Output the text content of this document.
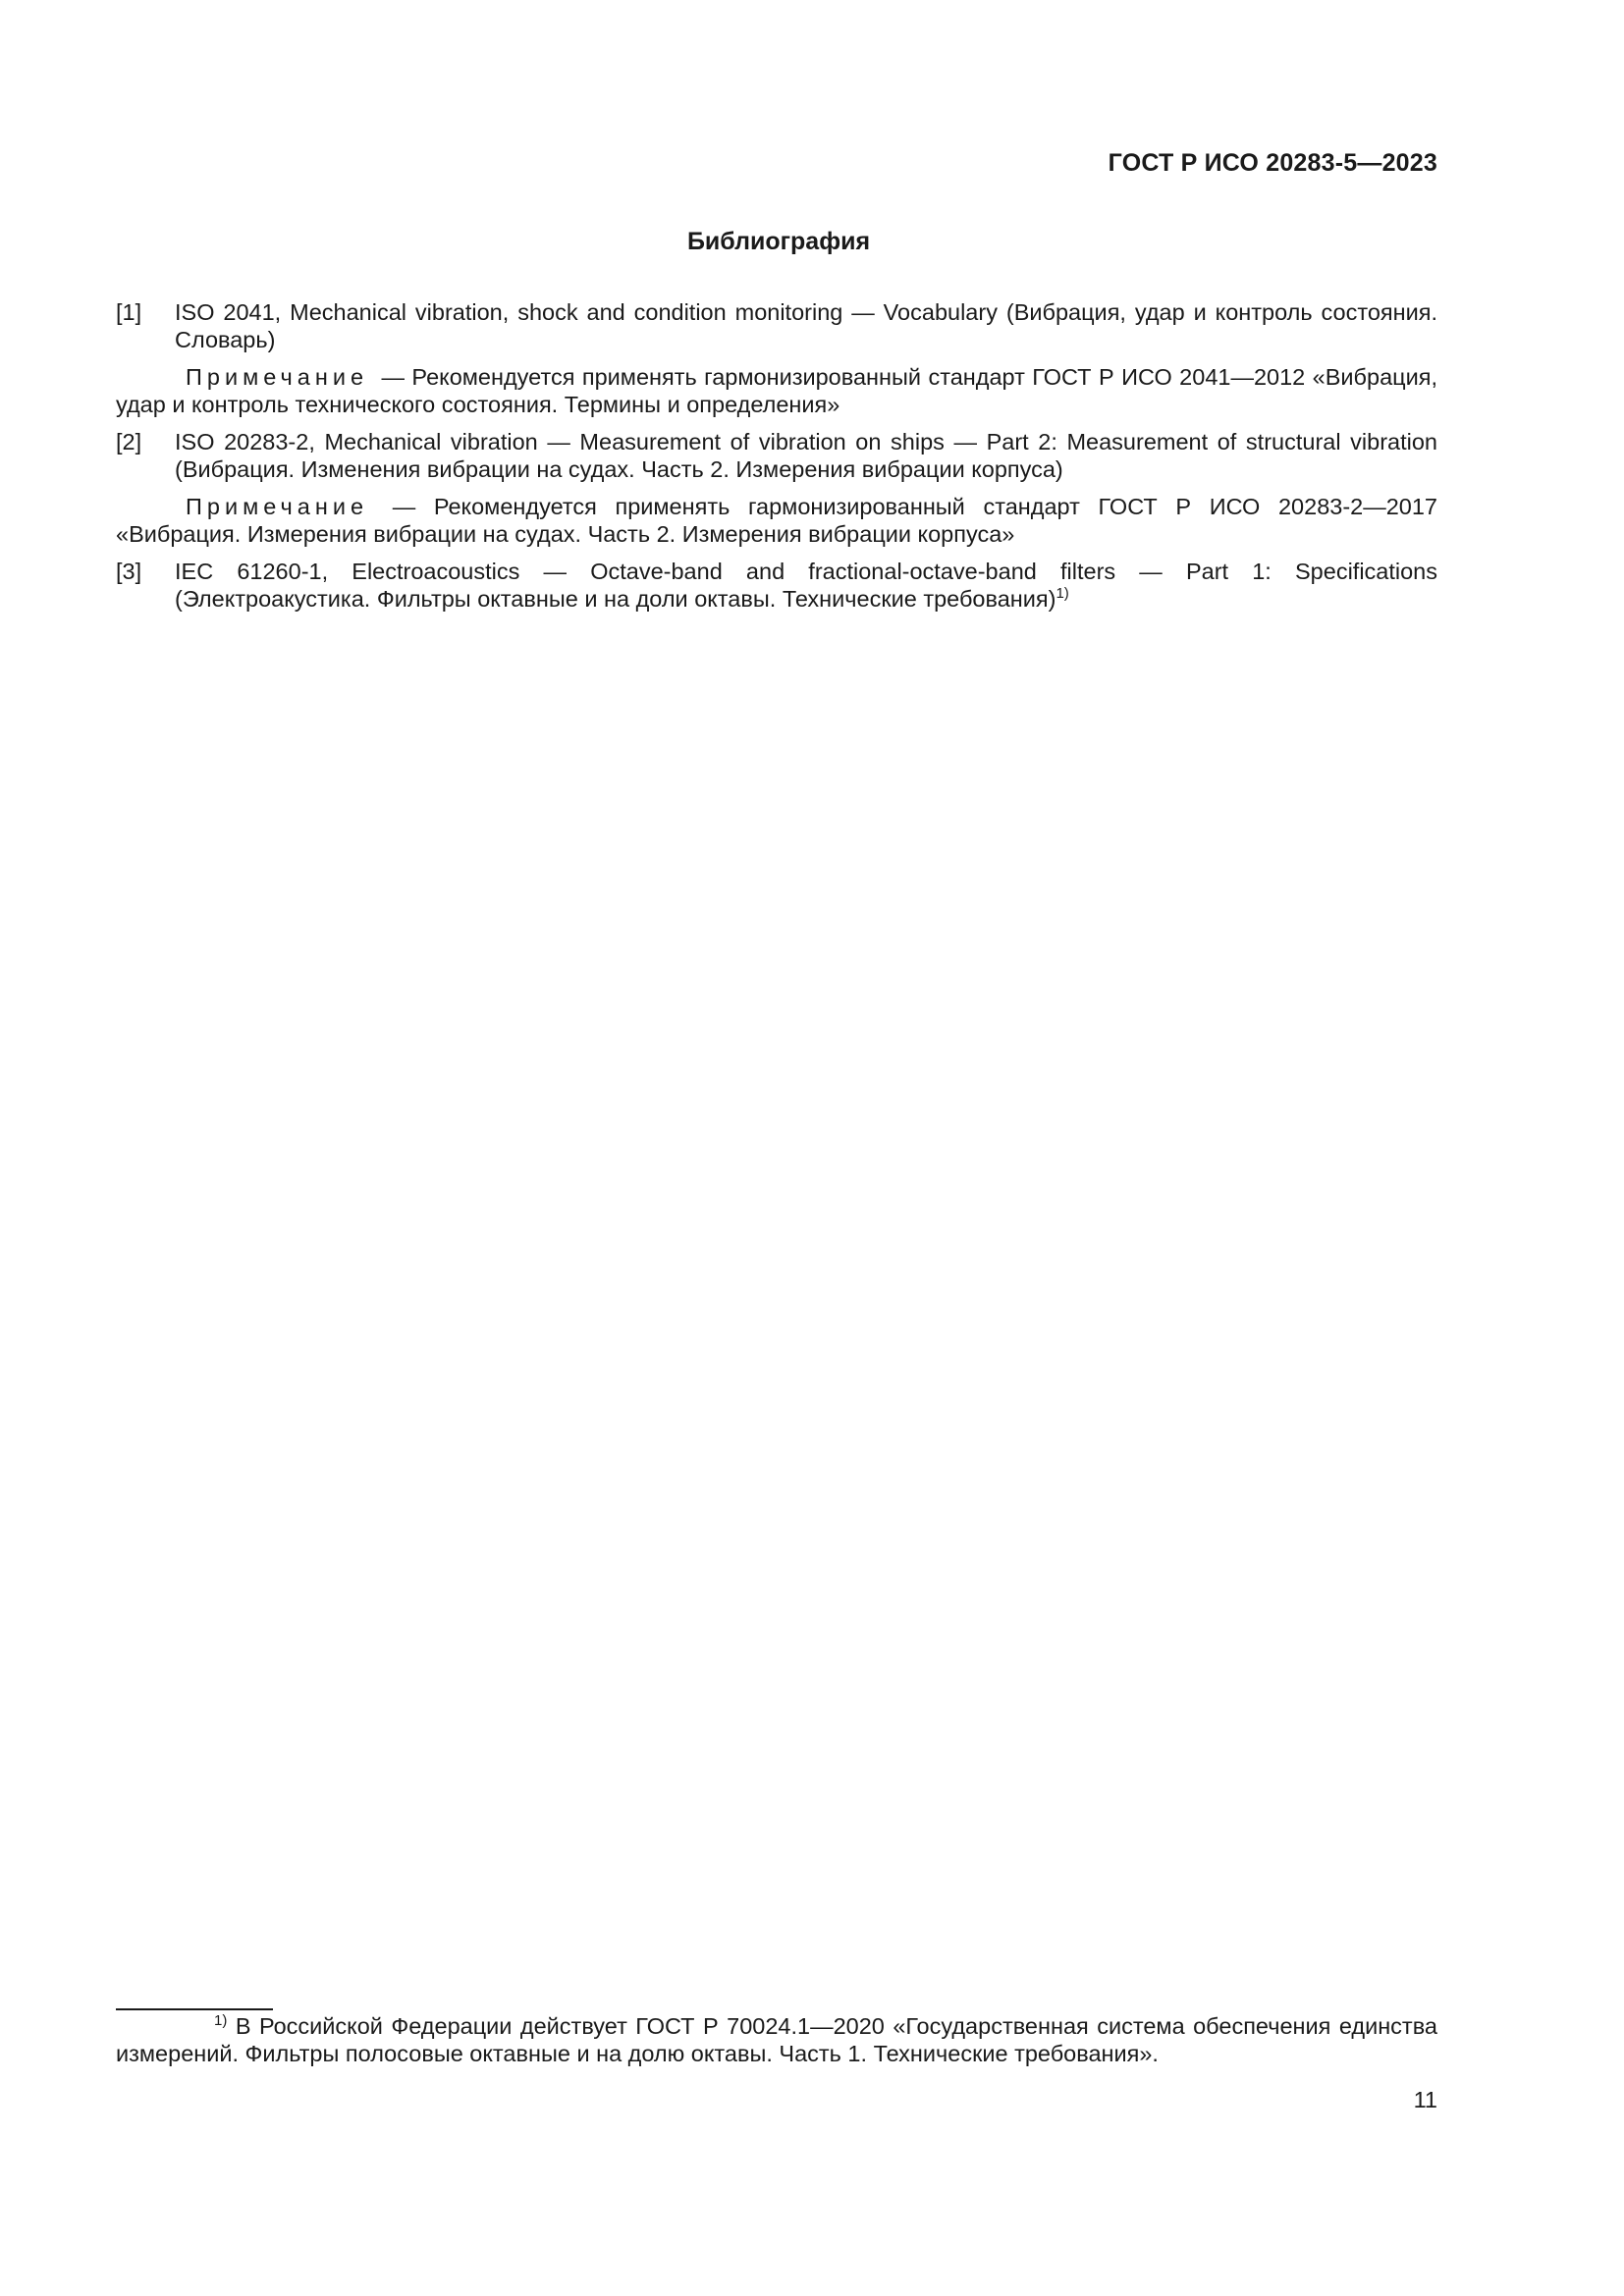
ГОСТ Р ИСО 20283-5—2023
Библиография
[1] ISO 2041, Mechanical vibration, shock and condition monitoring — Vocabulary (Вибрация, удар и контроль состояния. Словарь)
Примечание — Рекомендуется применять гармонизированный стандарт ГОСТ Р ИСО 2041—2012 «Вибрация, удар и контроль технического состояния. Термины и определения»
[2] ISO 20283-2, Mechanical vibration — Measurement of vibration on ships — Part 2: Measurement of structural vibration (Вибрация. Изменения вибрации на судах. Часть 2. Измерения вибрации корпуса)
Примечание — Рекомендуется применять гармонизированный стандарт ГОСТ Р ИСО 20283-2—2017 «Вибрация. Измерения вибрации на судах. Часть 2. Измерения вибрации корпуса»
[3] IEC 61260-1, Electroacoustics — Octave-band and fractional-octave-band filters — Part 1: Specifications (Электроакустика. Фильтры октавные и на доли октавы. Технические требования)$^{1)}$
$^{1)}$ В Российской Федерации действует ГОСТ Р 70024.1—2020 «Государственная система обеспечения единства измерений. Фильтры полосовые октавные и на долю октавы. Часть 1. Технические требования».
11
